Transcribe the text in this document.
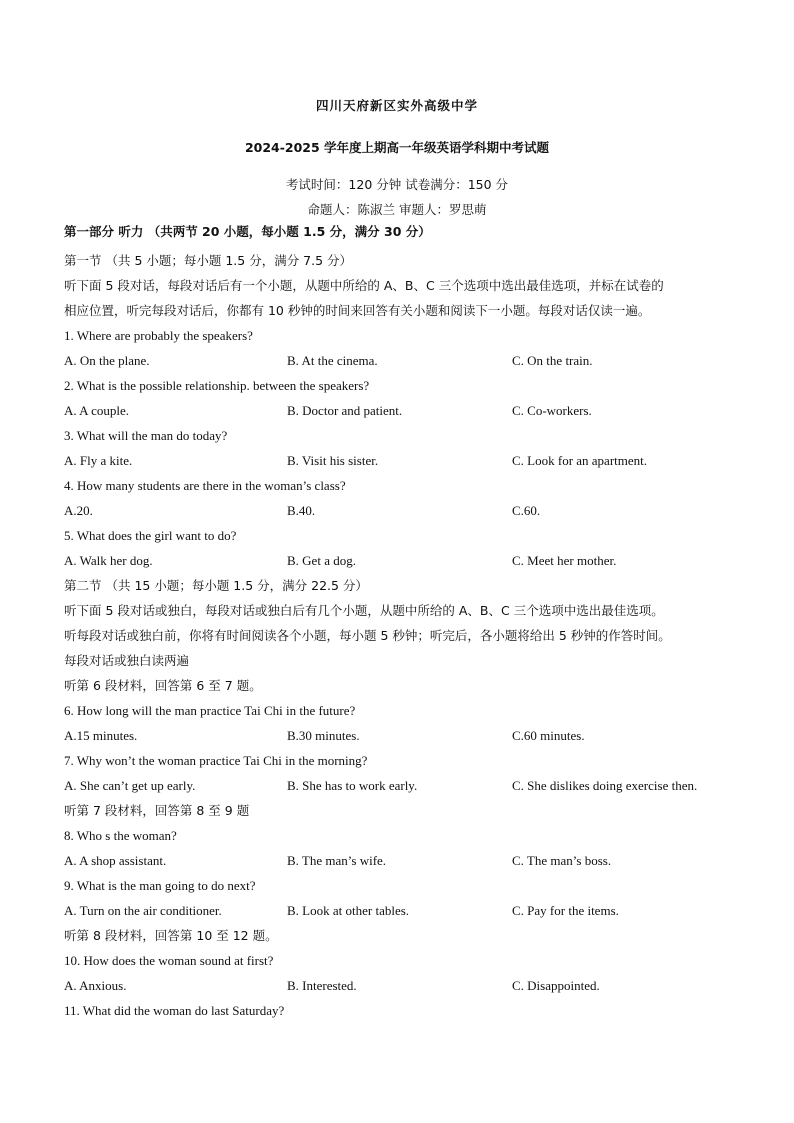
四川天府新区实外高级中学
2024-2025 学年度上期高一年级英语学科期中考试题
考试时间：120 分钟 试卷满分：150 分
命题人：陈淑兰 审题人：罗思萌
第一部分 听力 （共两节 20 小题，每小题 1.5 分，满分 30 分）
第一节 （共 5 小题；每小题 1.5 分，满分 7.5 分）
听下面 5 段对话，每段对话后有一个小题，从题中所给的 A、B、C 三个选项中选出最佳选项，并标在试卷的
相应位置，听完每段对话后，你都有 10 秒钟的时间来回答有关小题和阅读下一小题。每段对话仅读一遍。
1. Where are probably the speakers?
A. On the plane.	B. At the cinema.	C. On the train.
2. What is the possible relationship. between the speakers?
A. A couple.	B. Doctor and patient.	C. Co-workers.
3. What will the man do today?
A. Fly a kite.	B. Visit his sister.	C. Look for an apartment.
4. How many students are there in the woman’s class?
A.20.	B.40.	C.60.
5. What does the girl want to do?
A. Walk her dog.	B. Get a dog.	C. Meet her mother.
第二节 （共 15 小题；每小题 1.5 分，满分 22.5 分）
听下面 5 段对话或独白，每段对话或独白后有几个小题，从题中所给的 A、B、C 三个选项中选出最佳选项。
听每段对话或独白前，你将有时间阅读各个小题，每小题 5 秒钟；听完后，各小题将给出 5 秒钟的作答时间。
每段对话或独白读两遍
听第 6 段材料，回答第 6 至 7 题。
6. How long will the man practice Tai Chi in the future?
A.15 minutes.	B.30 minutes.	C.60 minutes.
7. Why won’t the woman practice Tai Chi in the morning?
A. She can’t get up early.	B. She has to work early.	C. She dislikes doing exercise then.
听第 7 段材料，回答第 8 至 9 题
8. Who s the woman?
A. A shop assistant.	B. The man’s wife.	C. The man’s boss.
9. What is the man going to do next?
A. Turn on the air conditioner.	B. Look at other tables.	C. Pay for the items.
听第 8 段材料，回答第 10 至 12 题。
10. How does the woman sound at first?
A. Anxious.	B. Interested.	C. Disappointed.
11. What did the woman do last Saturday?
